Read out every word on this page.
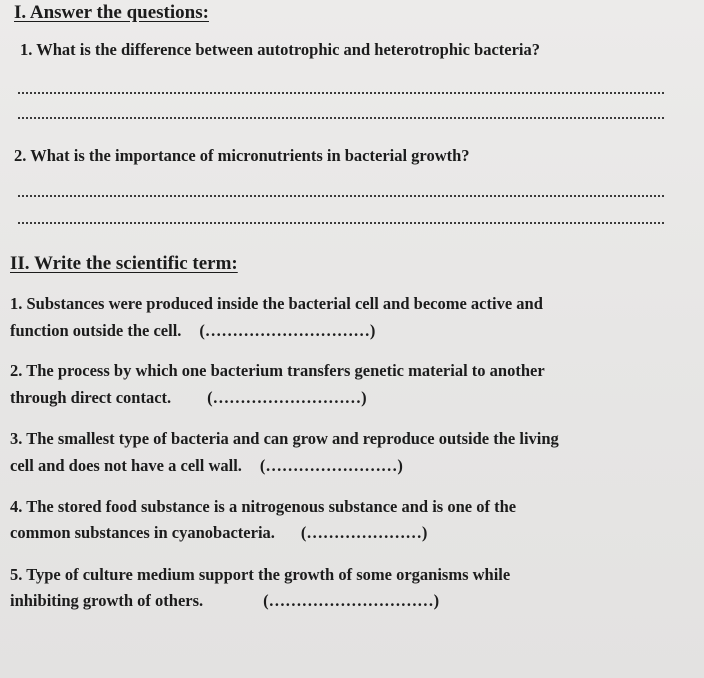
I. Answer the questions:
1. What is the difference between autotrophic and heterotrophic bacteria?
2. What is the importance of micronutrients in bacterial growth?
II. Write the scientific term:
1. Substances were produced inside the bacterial cell and become active and
function outside the cell. (…………………………)
2. The process by which one bacterium transfers genetic material to another
through direct contact. (………………………)
3. The smallest type of bacteria and can grow and reproduce outside the living
cell and does not have a cell wall. (……………………)
4. The stored food substance is a nitrogenous substance and is one of the
common substances in cyanobacteria. (…………………)
5. Type of culture medium support the growth of some organisms while
inhibiting growth of others.	(…………………………)
